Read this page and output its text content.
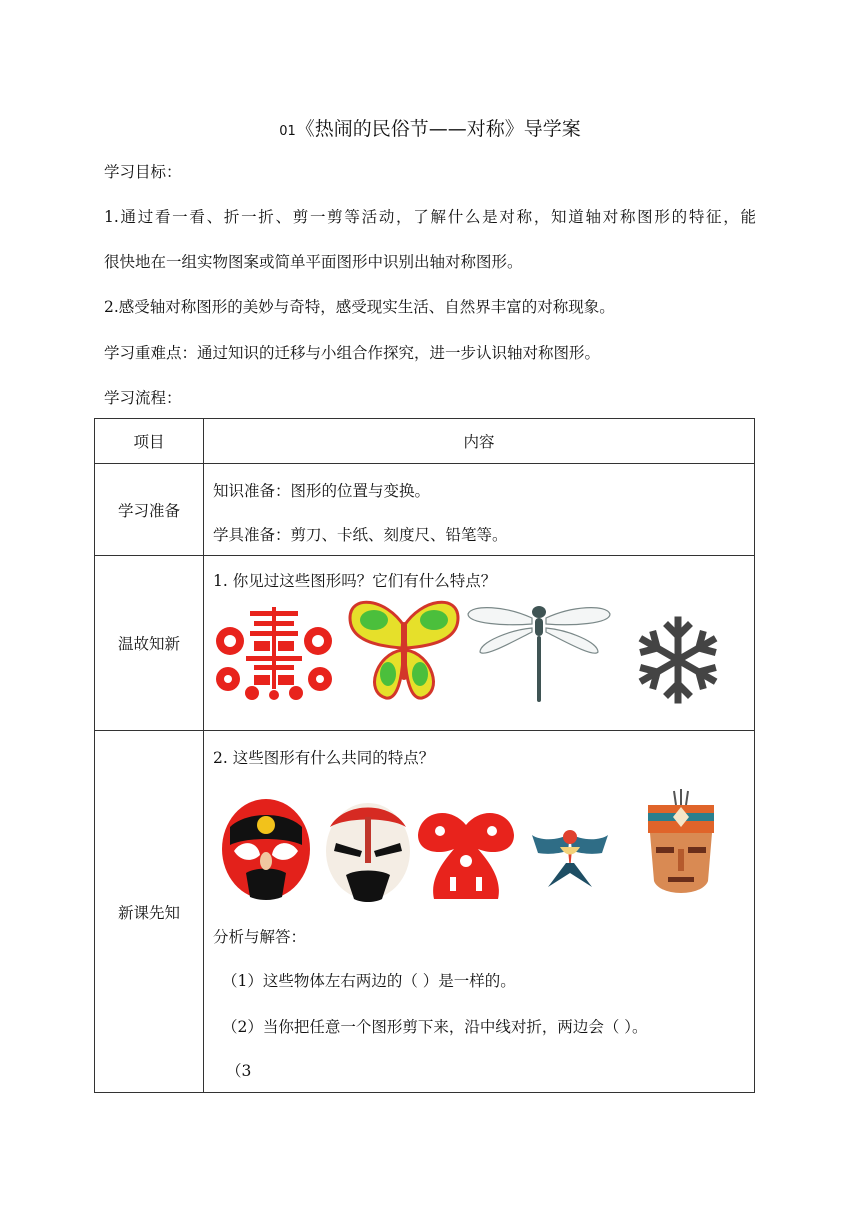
01《热闹的民俗节——对称》导学案
学习目标：
1.通过看一看、折一折、剪一剪等活动，了解什么是对称，知道轴对称图形的特征，能
很快地在一组实物图案或简单平面图形中识别出轴对称图形。
2.感受轴对称图形的美妙与奇特，感受现实生活、自然界丰富的对称现象。
学习重难点：通过知识的迁移与小组合作探究，进一步认识轴对称图形。
学习流程：
项目	内容
学习准备	知识准备：图形的位置与变换。
学具准备：剪刀、卡纸、刻度尺、铅笔等。

温故知新	1. 你见过这些图形吗？它们有什么特点？

新课先知	2. 这些图形有什么共同的特点？
分析与解答：
（1）这些物体左右两边的（ ）是一样的。
（2）当你把任意一个图形剪下来，沿中线对折，两边会（ ）。
（3
